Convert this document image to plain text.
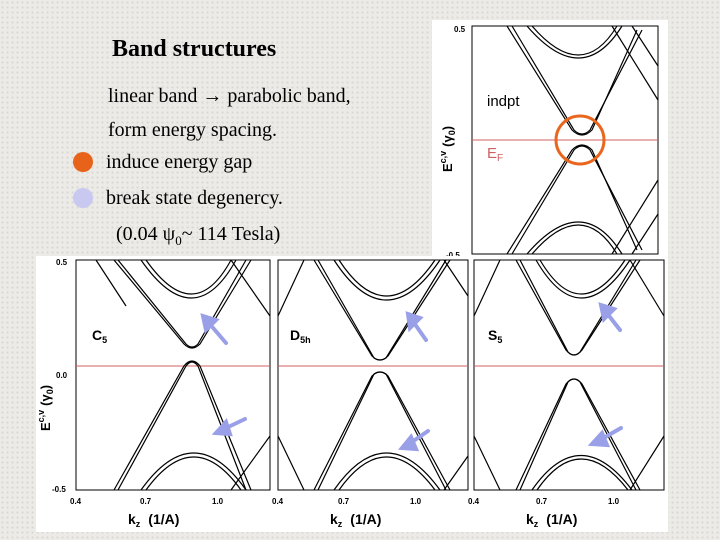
Band structures
linear band → parabolic band,
form energy spacing.
induce energy gap
break state degenercy.
(0.04 $\psi_0\sim$ 114 Tesla)
$E^{c,v}(\gamma_0)$
0.5
indpt
$E_F$
$E^{c,v}(\gamma_0)$
0.5
0.0
-0.5
$C_5$
0.4	0.7	1.0
$k_z$ (1/A)
$D_{5h}$
0.4	0.7	1.0
$k_z$ (1/A)
$S_5$
0.4	0.7	1.0
$k_z$ (1/A)
